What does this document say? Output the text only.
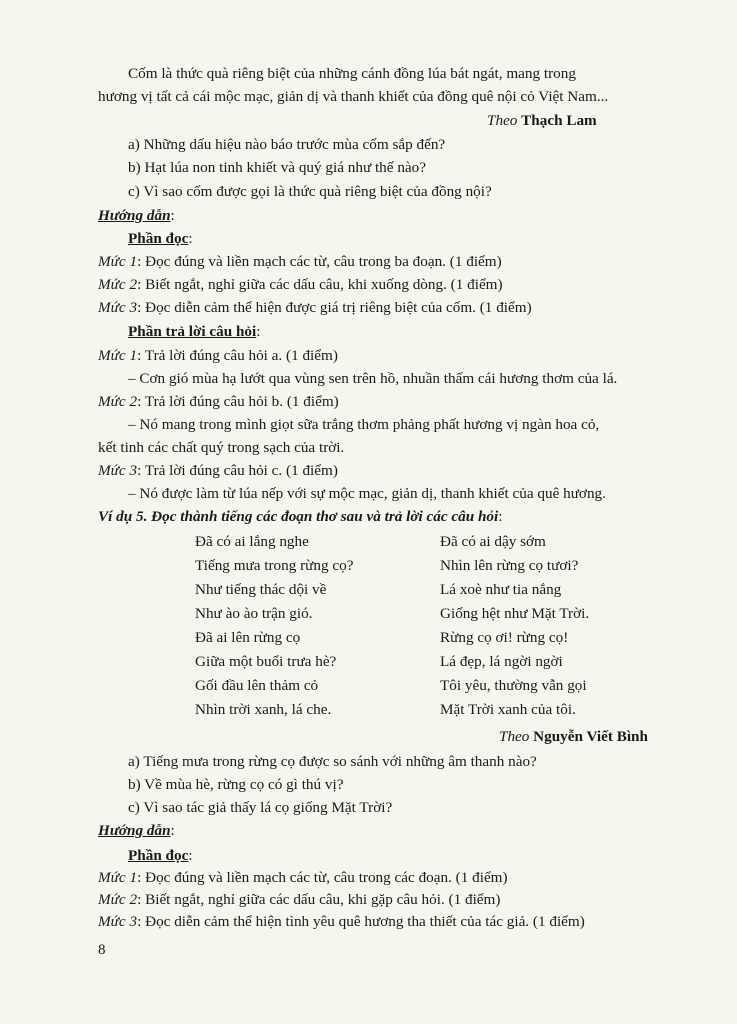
Cốm là thức quà riêng biệt của những cánh đồng lúa bát ngát, mang trong
hương vị tất cả cái mộc mạc, giản dị và thanh khiết của đồng quê nội cỏ Việt Nam...
Theo Thạch Lam
a) Những dấu hiệu nào báo trước mùa cốm sắp đến?
b) Hạt lúa non tinh khiết và quý giá như thế nào?
c) Vì sao cốm được gọi là thức quà riêng biệt của đồng nội?
Hướng dẫn:
Phần đọc:
Mức 1: Đọc đúng và liền mạch các từ, câu trong ba đoạn. (1 điểm)
Mức 2: Biết ngắt, nghỉ giữa các dấu câu, khi xuống dòng. (1 điểm)
Mức 3: Đọc diễn cảm thể hiện được giá trị riêng biệt của cốm. (1 điểm)
Phần trả lời câu hỏi:
Mức 1: Trả lời đúng câu hỏi a. (1 điểm)
– Cơn gió mùa hạ lướt qua vùng sen trên hồ, nhuần thấm cái hương thơm của lá.
Mức 2: Trả lời đúng câu hỏi b. (1 điểm)
– Nó mang trong mình giọt sữa trắng thơm phảng phất hương vị ngàn hoa cỏ,
kết tinh các chất quý trong sạch của trời.
Mức 3: Trả lời đúng câu hỏi c. (1 điểm)
– Nó được làm từ lúa nếp với sự mộc mạc, giản dị, thanh khiết của quê hương.
Ví dụ 5. Đọc thành tiếng các đoạn thơ sau và trả lời các câu hỏi:
Đã có ai lắng nghe
Tiếng mưa trong rừng cọ?
Như tiếng thác dội về
Như ào ào trận gió.
Đã ai lên rừng cọ
Giữa một buổi trưa hè?
Gối đầu lên thảm cỏ
Nhìn trời xanh, lá che.
Đã có ai dậy sớm
Nhìn lên rừng cọ tươi?
Lá xoè như tia nắng
Giống hệt như Mặt Trời.
Rừng cọ ơi! rừng cọ!
Lá đẹp, lá ngời ngời
Tôi yêu, thường vẫn gọi
Mặt Trời xanh của tôi.
Theo Nguyễn Viết Bình
a) Tiếng mưa trong rừng cọ được so sánh với những âm thanh nào?
b) Về mùa hè, rừng cọ có gì thú vị?
c) Vì sao tác giả thấy lá cọ giống Mặt Trời?
Hướng dẫn:
Phần đọc:
Mức 1: Đọc đúng và liền mạch các từ, câu trong các đoạn. (1 điểm)
Mức 2: Biết ngắt, nghỉ giữa các dấu câu, khi gặp câu hỏi. (1 điểm)
Mức 3: Đọc diễn cảm thể hiện tình yêu quê hương tha thiết của tác giả. (1 điểm)
8
